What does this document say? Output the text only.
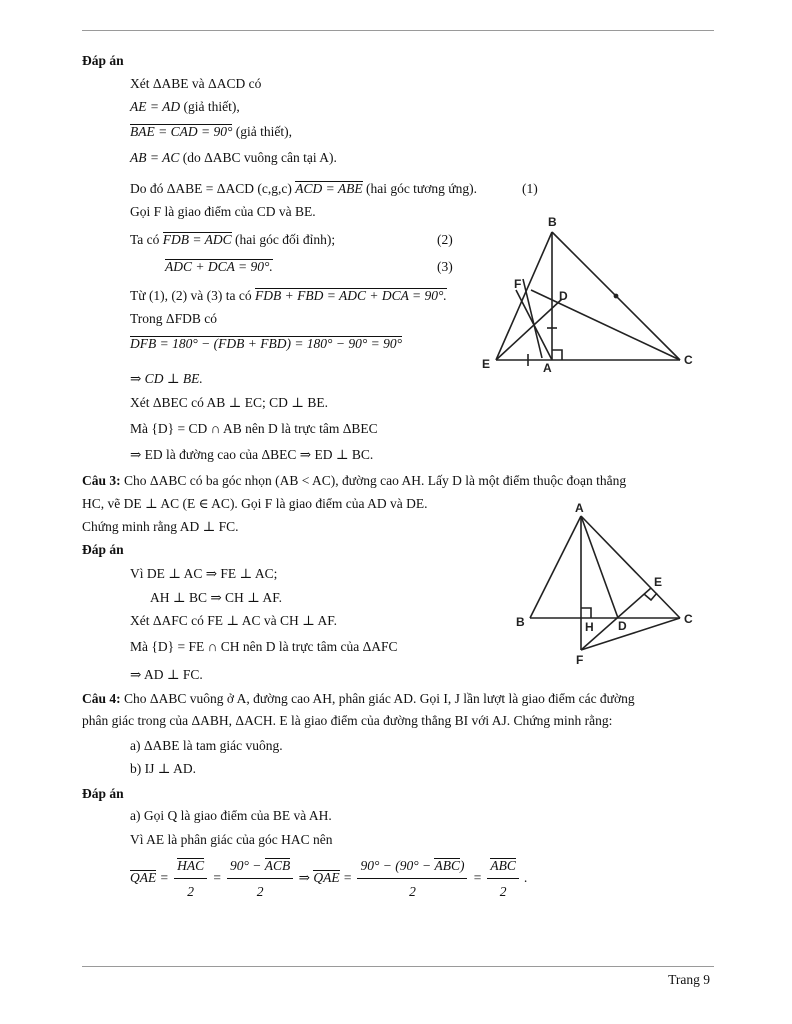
Đáp án
Xét ΔABE và ΔACD có
AE = AD (giả thiết),
BAE = CAD = 90° (giả thiết),
AB = AC (do ΔABC vuông cân tại A).
Do đó ΔABE = ΔACD (c,g,c) ACD = ABE (hai góc tương ứng).	(1)
Gọi F là giao điểm của CD và BE.
Ta có FDB = ADC (hai góc đối đỉnh);	(2)
ADC + DCA = 90°.	(3)
Từ (1), (2) và (3) ta có FDB + FBD = ADC + DCA = 90°.
Trong ΔFDB có
DFB = 180° − (FDB + FBD) = 180° − 90° = 90°
⇒ CD ⊥ BE.
Xét ΔBEC có AB ⊥ EC; CD ⊥ BE.
Mà {D} = CD ∩ AB nên D là trực tâm ΔBEC
⇒ ED là đường cao của ΔBEC ⇒ ED ⊥ BC.
B
F
D
E	A
C
Câu 3: Cho ΔABC có ba góc nhọn (AB < AC), đường cao AH. Lấy D là một điểm thuộc đoạn thẳng
HC, vẽ DE ⊥ AC (E ∈ AC). Gọi F là giao điểm của AD và DE.
Chứng minh rằng AD ⊥ FC.
Đáp án
Vì DE ⊥ AC ⇒ FE ⊥ AC;
AH ⊥ BC ⇒ CH ⊥ AF.
Xét ΔAFC có FE ⊥ AC và CH ⊥ AF.
Mà {D} = FE ∩ CH nên D là trực tâm của ΔAFC
⇒ AD ⊥ FC.
A
B	H D
E
C
F
Câu 4: Cho ΔABC vuông ở A, đường cao AH, phân giác AD. Gọi I, J lần lượt là giao điểm các đường
phân giác trong của ΔABH, ΔACH. E là giao điểm của đường thẳng BI với AJ. Chứng minh rằng:
a) ΔABE là tam giác vuông.
b) IJ ⊥ AD.
Đáp án
a) Gọi Q là giao điểm của BE và AH.
Vì AE là phân giác của góc HAC nên
QAE = $\frac{\text{HAC}}{2} = \frac{\text{90° − ACB}}{2}$ ⇒ QAE = $\frac{\text{90° − (90° − ABC)}}{2} = \frac{\text{ABC}}{2}$ .
Trang 9
